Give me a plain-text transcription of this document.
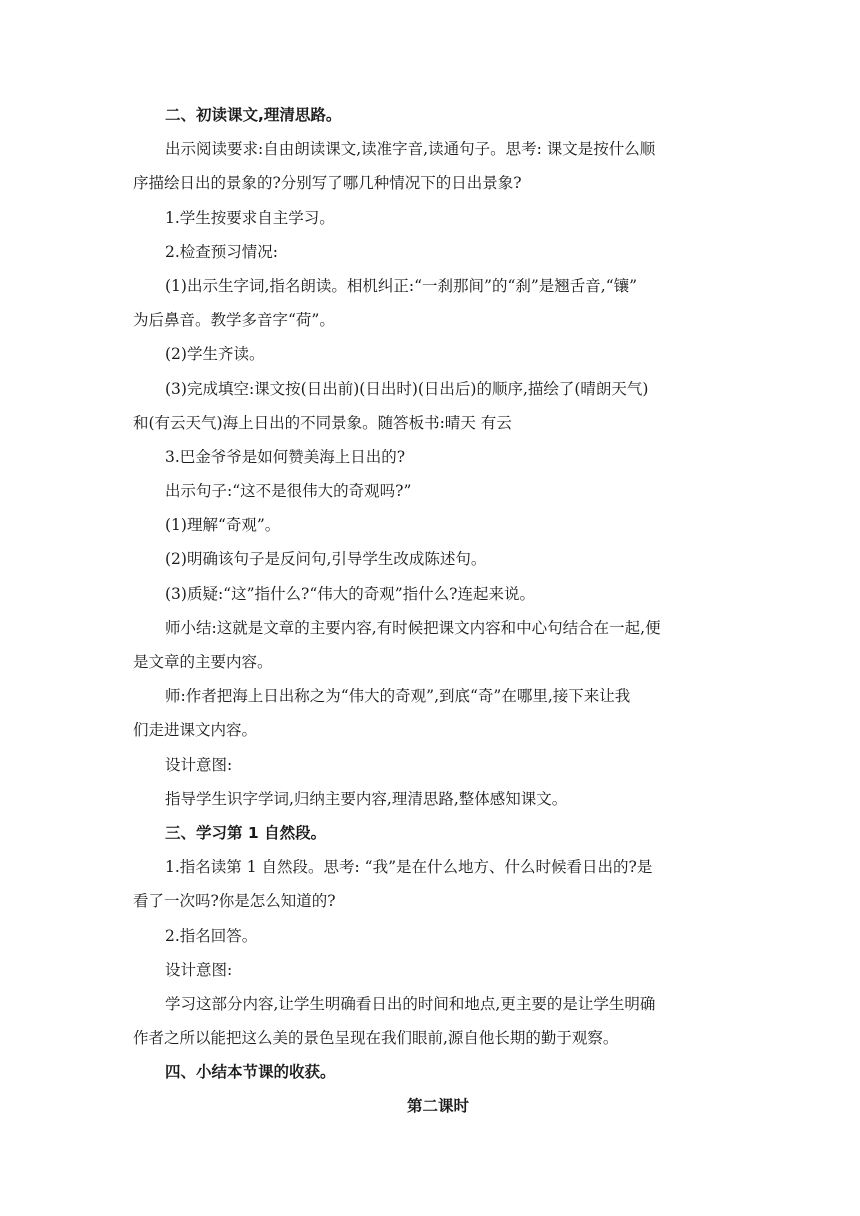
二、初读课文,理清思路。
出示阅读要求:自由朗读课文,读准字音,读通句子。思考: 课文是按什么顺
序描绘日出的景象的?分别写了哪几种情况下的日出景象?
1.学生按要求自主学习。
2.检查预习情况:
(1)出示生字词,指名朗读。相机纠正:“一刹那间”的“刹”是翘舌音,“镶”
为后鼻音。教学多音字“荷”。
(2)学生齐读。
(3)完成填空:课文按(日出前)(日出时)(日出后)的顺序,描绘了(晴朗天气)
和(有云天气)海上日出的不同景象。随答板书:晴天 有云
3.巴金爷爷是如何赞美海上日出的?
出示句子:“这不是很伟大的奇观吗?”
(1)理解“奇观”。
(2)明确该句子是反问句,引导学生改成陈述句。
(3)质疑:“这”指什么?“伟大的奇观”指什么?连起来说。
师小结:这就是文章的主要内容,有时候把课文内容和中心句结合在一起,便
是文章的主要内容。
师:作者把海上日出称之为“伟大的奇观”,到底“奇”在哪里,接下来让我
们走进课文内容。
设计意图:
指导学生识字学词,归纳主要内容,理清思路,整体感知课文。
三、学习第 1 自然段。
1.指名读第 1 自然段。思考: “我”是在什么地方、什么时候看日出的?是
看了一次吗?你是怎么知道的?
2.指名回答。
设计意图:
学习这部分内容,让学生明确看日出的时间和地点,更主要的是让学生明确
作者之所以能把这么美的景色呈现在我们眼前,源自他长期的勤于观察。
四、小结本节课的收获。
第二课时
